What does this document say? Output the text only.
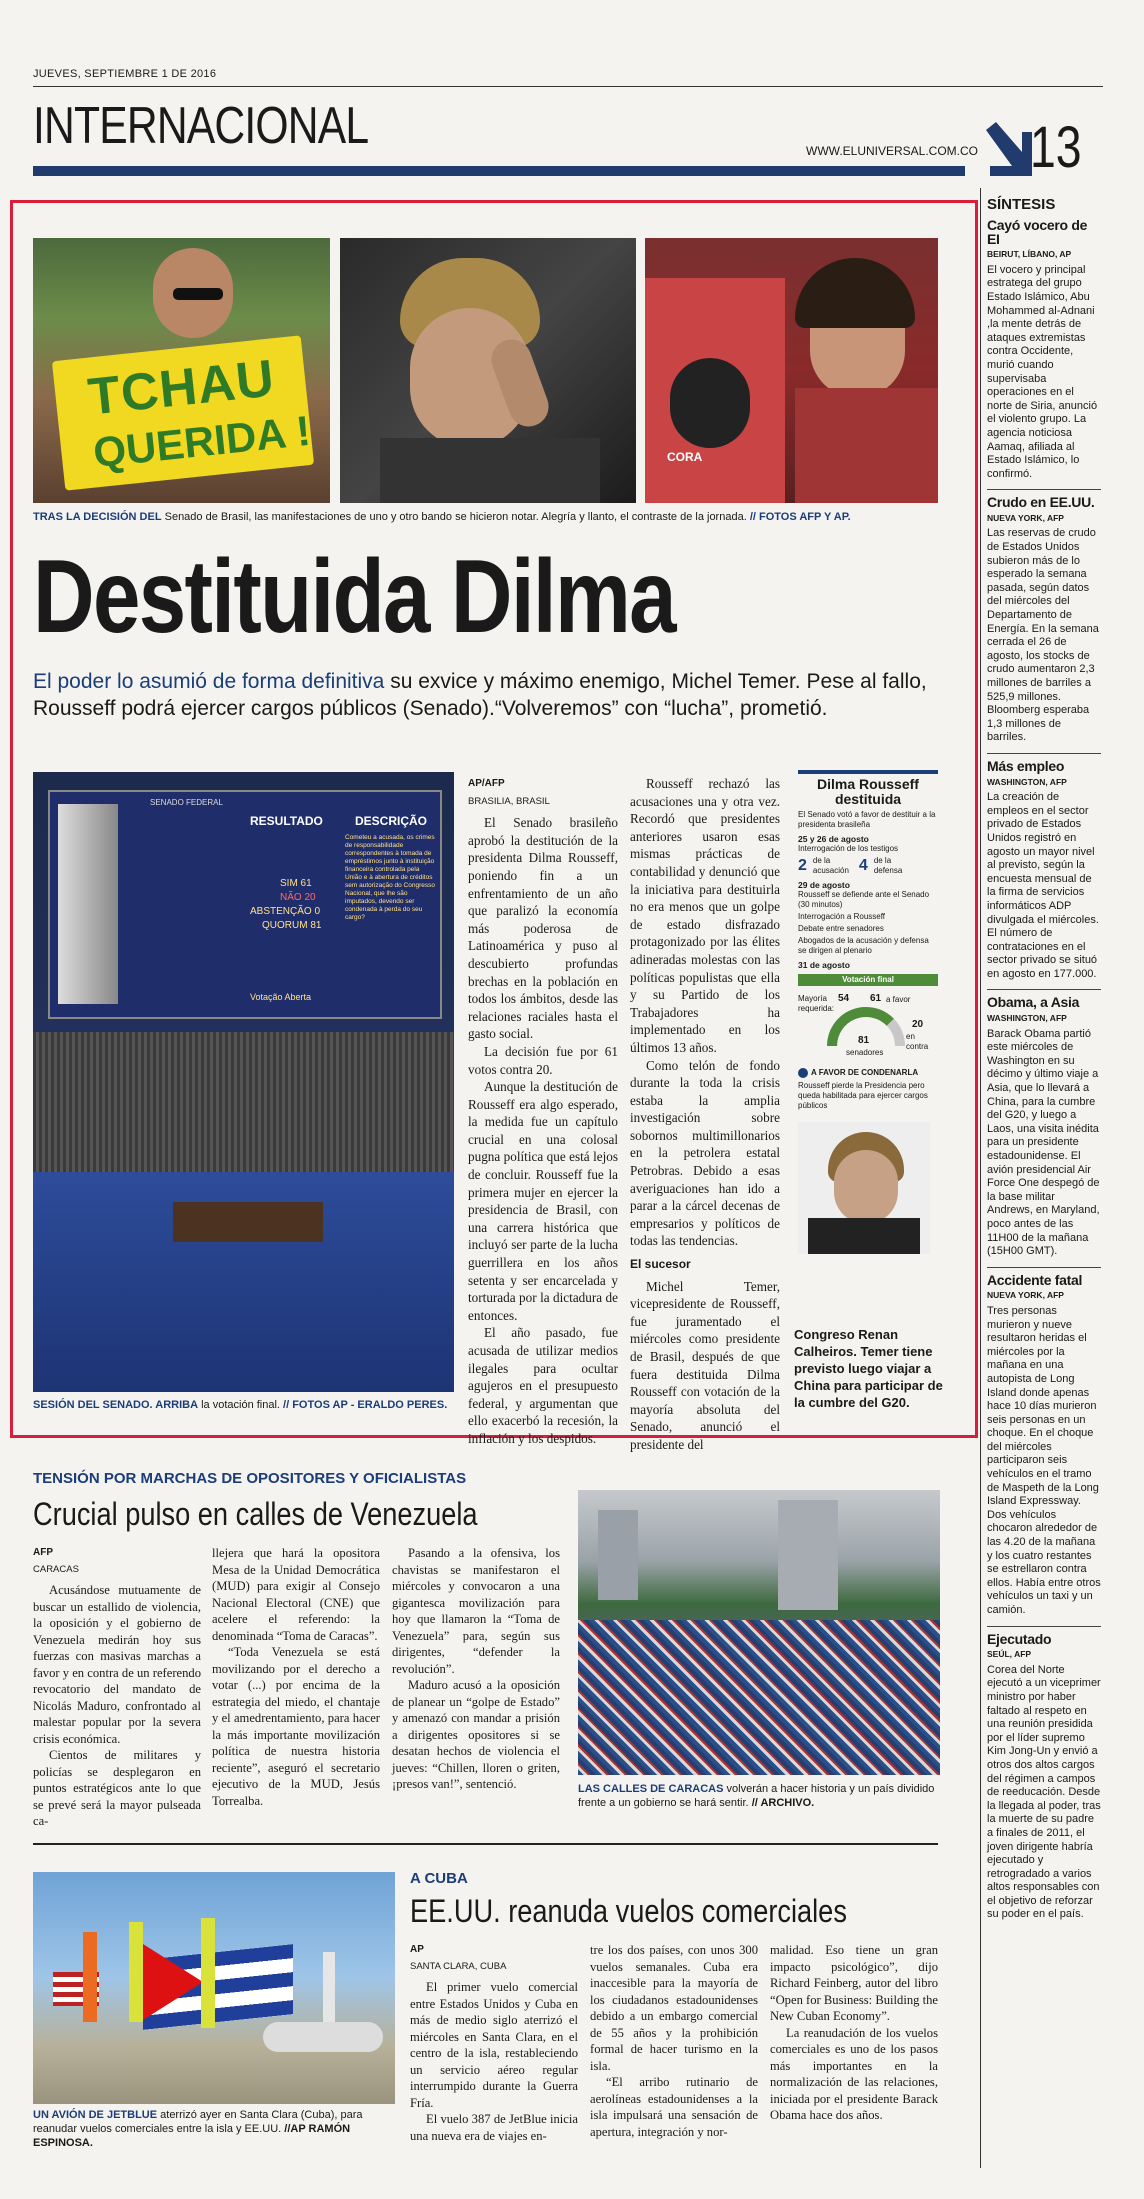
JUEVES, SEPTIEMBRE 1 DE 2016
INTERNACIONAL	WWW.ELUNIVERSAL.COM.CO 13
TCHAU
QUERIDA !	CORA
TRAS LA DECISIÓN DEL Senado de Brasil, las manifestaciones de uno y otro bando se hicieron notar. Alegría y llanto, el contraste de la jornada. // FOTOS AFP Y AP.
Destituida Dilma
El poder lo asumió de forma definitiva su exvice y máximo enemigo, Michel Temer. Pese al fallo, Rousseff podrá ejercer cargos públicos (Senado).“Volveremos” con “lucha”, prometió.
SENADO FEDERAL
RESULTADO	DESCRIÇÃO
SIM 61
NÃO 20
ABSTENÇÃO 0
QUORUM 81
Votação Aberta
Cometeu a acusada, os crimes de responsabilidade correspondentes à tomada de empréstimos junto à instituição financeira controlada pela União e à abertura de créditos sem autorização do Congresso Nacional, que lhe são imputados, devendo ser condenada à perda do seu cargo?
SESIÓN DEL SENADO. ARRIBA la votación final. // FOTOS AP - ERALDO PERES.

AP/AFP

BRASILIA, BRASIL

El Senado brasileño aprobó la destitución de la presidenta Dilma Rousseff, poniendo fin a un enfrentamiento de un año que paralizó la economía más poderosa de Latinoamérica y puso al descubierto profundas brechas en la población en todos los ámbitos, desde las relaciones raciales hasta el gasto social.

La decisión fue por 61 votos contra 20.

Aunque la destitución de Rousseff era algo esperado, la medida fue un capítulo crucial en una colosal pugna política que está lejos de concluir. Rousseff fue la primera mujer en ejercer la presidencia de Brasil, con una carrera histórica que incluyó ser parte de la lucha guerrillera en los años setenta y ser encarcelada y torturada por la dictadura de entonces.

El año pasado, fue acusada de utilizar medios ilegales para ocultar agujeros en el presupuesto federal, y argumentan que ello exacerbó la recesión, la inflación y los despidos.

Rousseff rechazó las acusaciones una y otra vez. Recordó que presidentes anteriores usaron esas mismas prácticas de contabilidad y denunció que la iniciativa para destituirla no era menos que un golpe de estado disfrazado protagonizado por las élites adineradas molestas con las políticas populistas que ella y su Partido de los Trabajadores ha implementado en los últimos 13 años.

Como telón de fondo durante la toda la crisis estaba la amplia investigación sobre sobornos multimillonarios en la petrolera estatal Petrobras. Debido a esas averiguaciones han ido a parar a la cárcel decenas de empresarios y políticos de todas las tendencias.

El sucesor

Michel Temer, vicepresidente de Rousseff, fue juramentado el miércoles como presidente de Brasil, después de que fuera destituida Dilma Rousseff con votación de la mayoría absoluta del Senado, anunció el presidente del

Dilma Rousseff destituida
El Senado votó a favor de destituir a la presidenta brasileña
25 y 26 de agosto
Interrogación de los testigos
2 de la acusación 4 de la defensa
29 de agosto
Rousseff se defiende ante el Senado (30 minutos)
Interrogación a Rousseff
Debate entre senadores
Abogados de la acusación y defensa se dirigen al plenario
31 de agosto
Votación final
Mayoría requerida:
54 61 a favor
20
en contra
81
senadores
A FAVOR DE CONDENARLA
Rousseff pierde la Presidencia pero queda habilitada para ejercer cargos públicos

Congreso Renan Calheiros. Temer tiene previsto luego viajar a China para participar de la cumbre del G20.

TENSIÓN POR MARCHAS DE OPOSITORES Y OFICIALISTAS
Crucial pulso en calles de Venezuela

AFP

CARACAS

Acusándose mutuamente de buscar un estallido de violencia, la oposición y el gobierno de Venezuela medirán hoy sus fuerzas con masivas marchas a favor y en contra de un referendo revocatorio del mandato de Nicolás Maduro, confrontado al malestar popular por la severa crisis económica.

Cientos de militares y policías se desplegaron en puntos estratégicos ante lo que se prevé será la mayor pulseada ca-

llejera que hará la opositora Mesa de la Unidad Democrática (MUD) para exigir al Consejo Nacional Electoral (CNE) que acelere el referendo: la denominada “Toma de Caracas”.

“Toda Venezuela se está movilizando por el derecho a votar (...) por encima de la estrategia del miedo, el chantaje y el amedrentamiento, para hacer la más importante movilización política de nuestra historia reciente”, aseguró el secretario ejecutivo de la MUD, Jesús Torrealba.

Pasando a la ofensiva, los chavistas se manifestaron el miércoles y convocaron a una gigantesca movilización para hoy que llamaron la “Toma de Venezuela” para, según sus dirigentes, “defender la revolución”.

Maduro acusó a la oposición de planear un “golpe de Estado” y amenazó con mandar a prisión a dirigentes opositores si se desatan hechos de violencia el jueves: “Chillen, lloren o griten, ¡presos van!”, sentenció.	LAS CALLES DE CARACAS volverán a hacer historia y un país dividido frente a un gobierno se hará sentir. // ARCHIVO.
UN AVIÓN DE JETBLUE aterrizó ayer en Santa Clara (Cuba), para reanudar vuelos comerciales entre la isla y EE.UU. //AP RAMÓN ESPINOSA.
A CUBA
EE.UU. reanuda vuelos comerciales

AP

SANTA CLARA, CUBA

El primer vuelo comercial entre Estados Unidos y Cuba en más de medio siglo aterrizó el miércoles en Santa Clara, en el centro de la isla, restableciendo un servicio aéreo regular interrumpido durante la Guerra Fría.

El vuelo 387 de JetBlue inicia una nueva era de viajes en-

tre los dos países, con unos 300 vuelos semanales. Cuba era inaccesible para la mayoría de los ciudadanos estadounidenses debido a un embargo comercial de 55 años y la prohibición formal de hacer turismo en la isla.

“El arribo rutinario de aerolíneas estadounidenses a la isla impulsará una sensación de apertura, integración y nor-

malidad. Eso tiene un gran impacto psicológico”, dijo Richard Feinberg, autor del libro “Open for Business: Building the New Cuban Economy”.

La reanudación de los vuelos comerciales es uno de los pasos más importantes en la normalización de las relaciones, iniciada por el presidente Barack Obama hace dos años.

SÍNTESIS
Cayó vocero de EI
BEIRUT, LÍBANO, AP
El vocero y principal estratega del grupo Estado Islámico, Abu Mohammed al-Adnani ,la mente detrás de ataques extremistas contra Occidente, murió cuando supervisaba operaciones en el norte de Siria, anunció el violento grupo. La agencia noticiosa Aamaq, afiliada al Estado Islámico, lo confirmó.
Crudo en EE.UU.
NUEVA YORK, AFP
Las reservas de crudo de Estados Unidos subieron más de lo esperado la semana pasada, según datos del miércoles del Departamento de Energía. En la semana cerrada el 26 de agosto, los stocks de crudo aumentaron 2,3 millones de barriles a 525,9 millones. Bloomberg esperaba 1,3 millones de barriles.
Más empleo
WASHINGTON, AFP
La creación de empleos en el sector privado de Estados Unidos registró en agosto un mayor nivel al previsto, según la encuesta mensual de la firma de servicios informáticos ADP divulgada el miércoles. El número de contrataciones en el sector privado se situó en agosto en 177.000.
Obama, a Asia
WASHINGTON, AFP
Barack Obama partió este miércoles de Washington en su décimo y último viaje a Asia, que lo llevará a China, para la cumbre del G20, y luego a Laos, una visita inédita para un presidente estadounidense. El avión presidencial Air Force One despegó de la base militar Andrews, en Maryland, poco antes de las 11H00 de la mañana (15H00 GMT).
Accidente fatal
NUEVA YORK, AFP
Tres personas murieron y nueve resultaron heridas el miércoles por la mañana en una autopista de Long Island donde apenas hace 10 días murieron seis personas en un choque. En el choque del miércoles participaron seis vehículos en el tramo de Maspeth de la Long Island Expressway. Dos vehículos chocaron alrededor de las 4.20 de la mañana y los cuatro restantes se estrellaron contra ellos. Había entre otros vehículos un taxi y un camión.
Ejecutado
SEÚL, AFP
Corea del Norte ejecutó a un viceprimer ministro por haber faltado al respeto en una reunión presidida por el líder supremo Kim Jong-Un y envió a otros dos altos cargos del régimen a campos de reeducación. Desde la llegada al poder, tras la muerte de su padre a finales de 2011, el joven dirigente habría ejecutado y retrogradado a varios altos responsables con el objetivo de reforzar su poder en el país.
